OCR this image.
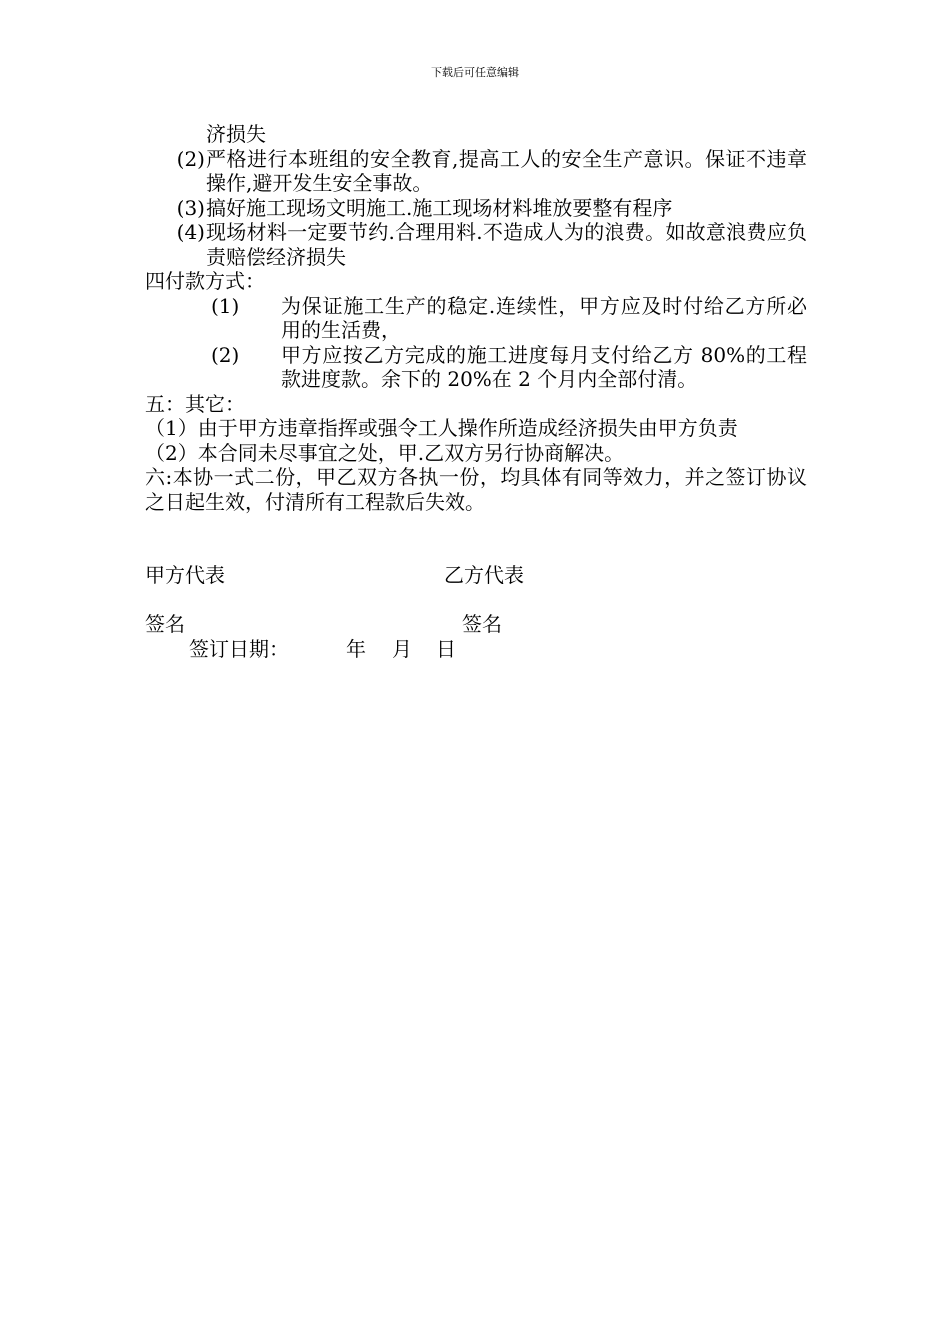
下载后可任意编辑
济损失
(2) 严格进行本班组的安全教育,提高工人的安全生产意识。保证不违章操作,避开发生安全事故。
(3) 搞好施工现场文明施工.施工现场材料堆放要整有程序
(4) 现场材料一定要节约.合理用料.不造成人为的浪费。如故意浪费应负责赔偿经济损失
四付款方式：
(1)	为保证施工生产的稳定.连续性，甲方应及时付给乙方所必用的生活费，
(2)	甲方应按乙方完成的施工进度每月支付给乙方 80%的工程款进度款。余下的 20%在 2 个月内全部付清。
五：其它：
（1）由于甲方违章指挥或强令工人操作所造成经济损失由甲方负责
（2）本合同未尽事宜之处，甲.乙双方另行协商解决。
六:本协一式二份，甲乙双方各执一份，均具体有同等效力，并之签订协议之日起生效，付清所有工程款后失效。
甲方代表	乙方代表
签名	签名
签订日期：	年 月 日
